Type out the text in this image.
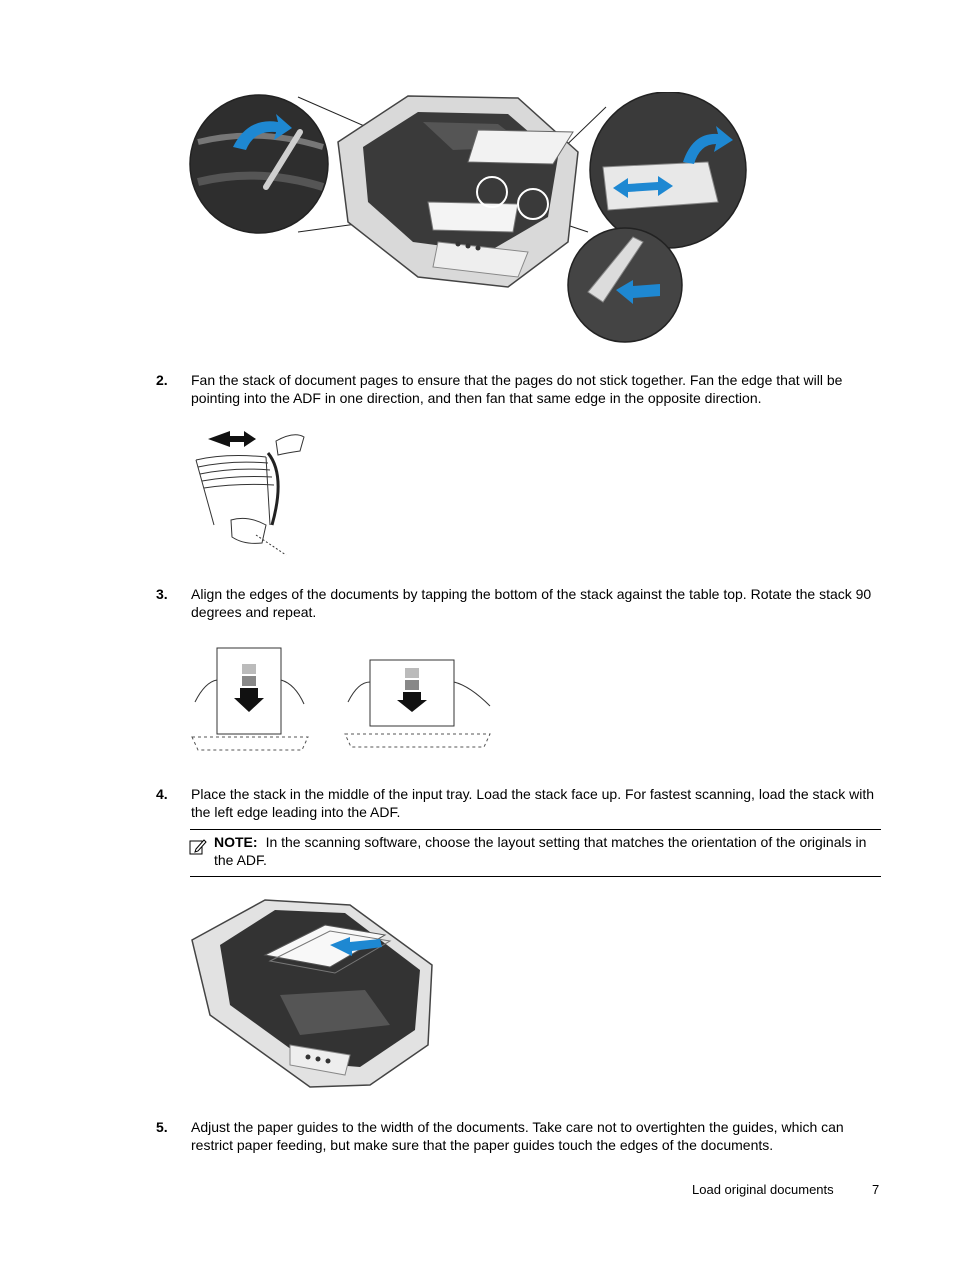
2. Fan the stack of document pages to ensure that the pages do not stick together. Fan the edge that will be pointing into the ADF in one direction, and then fan that same edge in the opposite direction.
3. Align the edges of the documents by tapping the bottom of the stack against the table top. Rotate the stack 90 degrees and repeat.
4. Place the stack in the middle of the input tray. Load the stack face up. For fastest scanning, load the stack with the left edge leading into the ADF.
NOTE: In the scanning software, choose the layout setting that matches the orientation of the originals in the ADF.
5. Adjust the paper guides to the width of the documents. Take care not to overtighten the guides, which can restrict paper feeding, but make sure that the paper guides touch the edges of the documents.
Load original documents	7
